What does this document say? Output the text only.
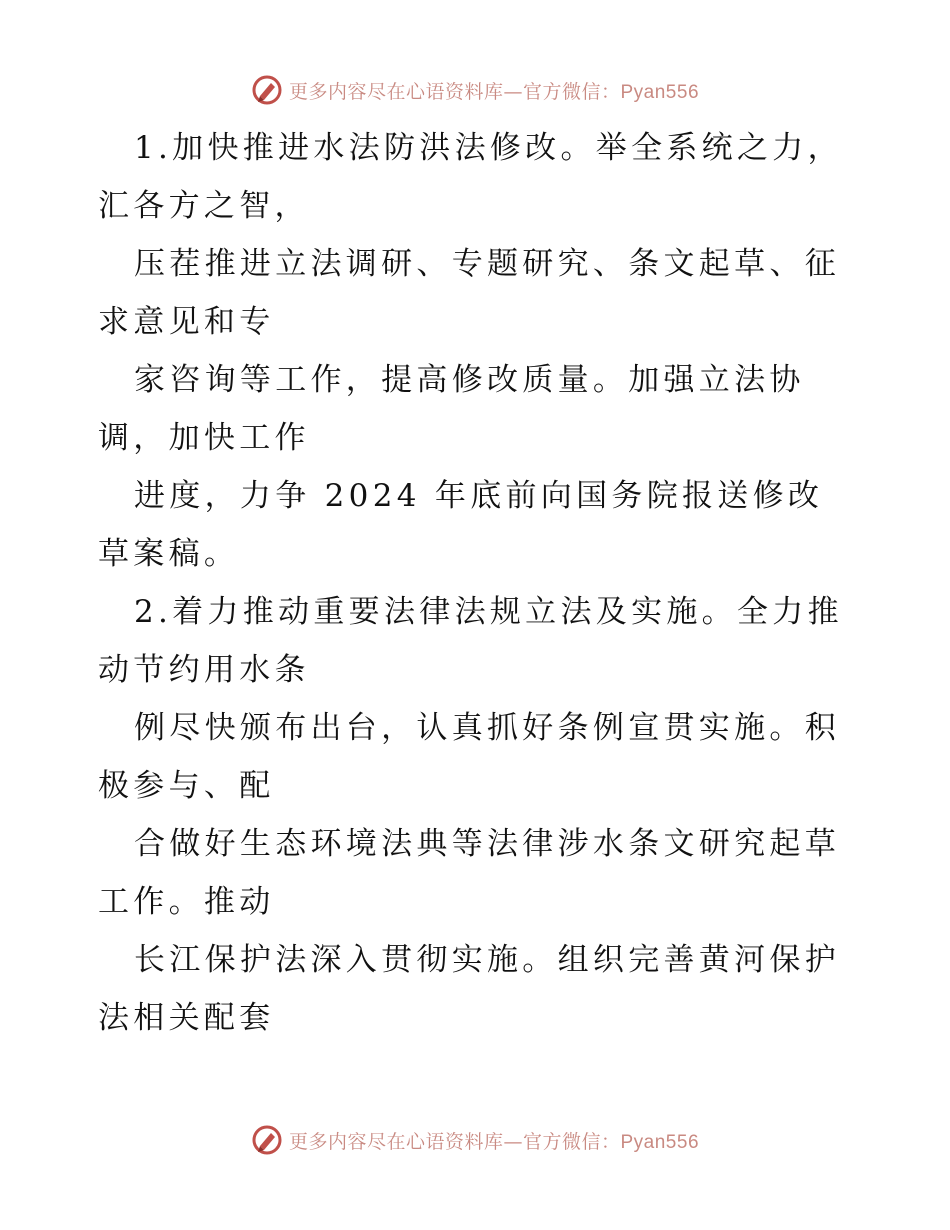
更多内容尽在心语资料库—官方微信：Pyan556

1.加快推进水法防洪法修改。举全系统之力，汇各方之智，

压茬推进立法调研、专题研究、条文起草、征求意见和专

家咨询等工作，提高修改质量。加强立法协调，加快工作

进度，力争 2024 年底前向国务院报送修改草案稿。

2.着力推动重要法律法规立法及实施。全力推动节约用水条

例尽快颁布出台，认真抓好条例宣贯实施。积极参与、配

合做好生态环境法典等法律涉水条文研究起草工作。推动

长江保护法深入贯彻实施。组织完善黄河保护法相关配套

更多内容尽在心语资料库—官方微信：Pyan556
